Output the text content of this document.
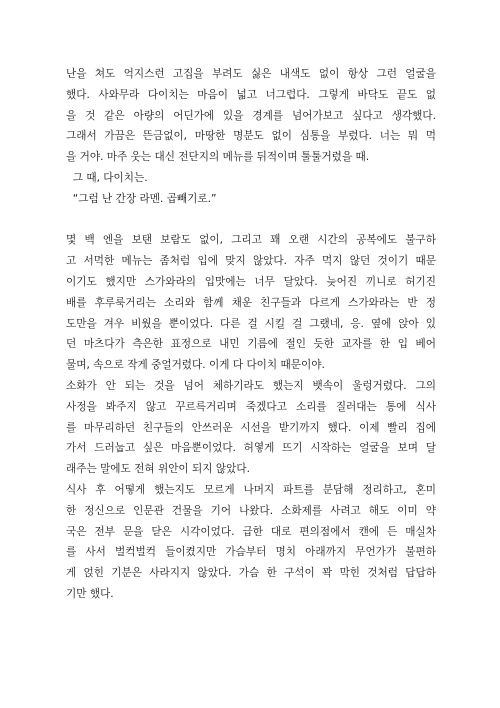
난을 쳐도 억지스런 고집을 부려도 싫은 내색도 없이 항상 그런 얼굴을
했다. 사와무라 다이치는 마음이 넓고 너그럽다. 그렇게 바닥도 끝도 없
을 것 같은 아량의 어딘가에 있을 경계를 넘어가보고 싶다고 생각했다.
그래서 가끔은 뜬금없이, 마땅한 명분도 없이 심통을 부렸다. 너는 뭐 먹
을 거야. 마주 웃는 대신 전단지의 메뉴를 뒤적이며 툴툴거렸을 때.
그 때, 다이치는.
“그럼 난 간장 라멘. 곱빼기로.”
몇 백 엔을 보탠 보람도 없이, 그리고 꽤 오랜 시간의 공복에도 불구하
고 서먹한 메뉴는 좀처럼 입에 맞지 않았다. 자주 먹지 않던 것이기 때문
이기도 했지만 스가와라의 입맛에는 너무 달았다. 늦어진 끼니로 허기진
배를 후루룩거리는 소리와 함께 채운 친구들과 다르게 스가와라는 반 정
도만을 겨우 비웠을 뿐이었다. 다른 걸 시킬 걸 그랬네, 응. 옆에 앉아 있
던 마츠다가 측은한 표정으로 내민 기름에 절인 듯한 교자를 한 입 베어
물며, 속으로 작게 중얼거렸다. 이게 다 다이치 때문이야.
소화가 안 되는 것을 넘어 체하기라도 했는지 뱃속이 울렁거렸다. 그의
사정을 봐주지 않고 꾸르륵거리며 죽겠다고 소리를 질러대는 통에 식사
를 마무리하던 친구들의 안쓰러운 시선을 받기까지 했다. 이제 빨리 집에
가서 드러눕고 싶은 마음뿐이었다. 허옇게 뜨기 시작하는 얼굴을 보며 달
래주는 말에도 전혀 위안이 되지 않았다.
식사 후 어떻게 했는지도 모르게 나머지 파트를 분담해 정리하고, 혼미
한 정신으로 인문관 건물을 기어 나왔다. 소화제를 사려고 해도 이미 약
국은 전부 문을 닫은 시각이었다. 급한 대로 편의점에서 캔에 든 매실차
를 사서 벌컥벌컥 들이켰지만 가슴부터 명치 아래까지 무언가가 불편하
게 얹힌 기분은 사라지지 않았다. 가슴 한 구석이 꽉 막힌 것처럼 답답하
기만 했다.
